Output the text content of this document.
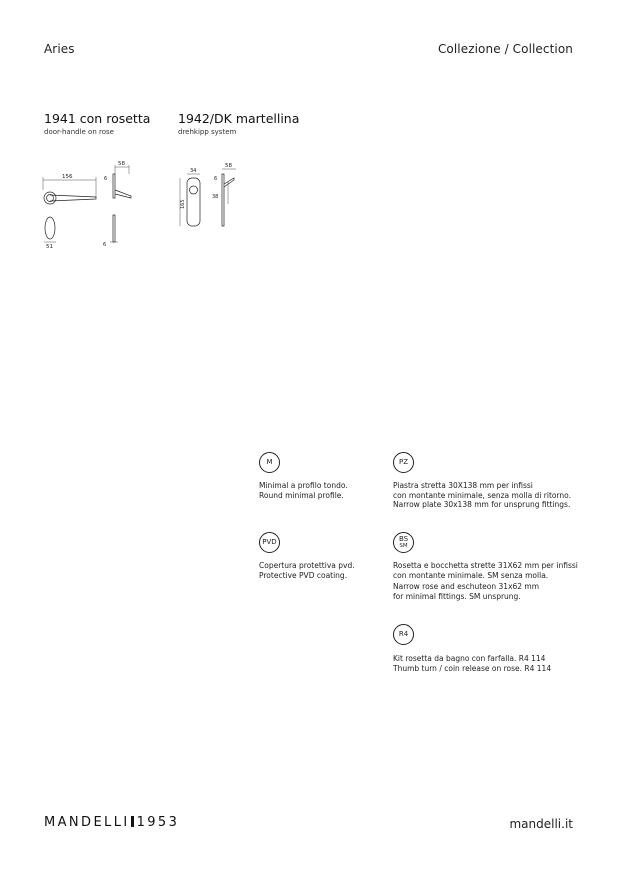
Aries	Collezione / Collection
1941 con rosetta
door-handle on rose
1942/DK martellina
drehkipp system
156
58
6
51	6
34
58
6
165
38
M
Minimal a profilo tondo.
Round minimal profile.
PVD
Copertura protettiva pvd.
Protective PVD coating.
PZ
Piastra stretta 30X138 mm per infissi
con montante minimale, senza molla di ritorno.
Narrow plate 30x138 mm for unsprung fittings.
BS
SM
Rosetta e bocchetta strette 31X62 mm per infissi
con montante minimale. SM senza molla.
Narrow rose and eschuteon 31x62 mm
for minimal fittings. SM unsprung.
R4
Kit rosetta da bagno con farfalla. R4 114
Thumb turn / coin release on rose. R4 114
MANDELLI 1953	mandelli.it
